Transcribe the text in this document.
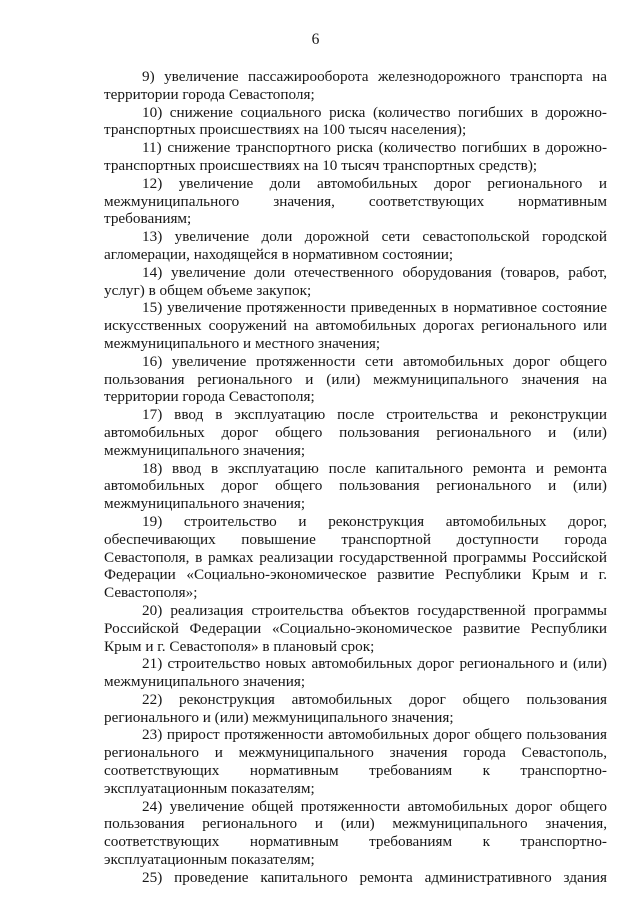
6

9) увеличение пассажирооборота железнодорожного транспорта на территории города Севастополя;

10) снижение социального риска (количество погибших в дорожно-транспортных происшествиях на 100 тысяч населения);

11) снижение транспортного риска (количество погибших в дорожно-транспортных происшествиях на 10 тысяч транспортных средств);

12) увеличение доли автомобильных дорог регионального и межмуниципального значения, соответствующих нормативным требованиям;

13) увеличение доли дорожной сети севастопольской городской агломерации, находящейся в нормативном состоянии;

14) увеличение доли отечественного оборудования (товаров, работ, услуг) в общем объеме закупок;

15) увеличение протяженности приведенных в нормативное состояние искусственных сооружений на автомобильных дорогах регионального или межмуниципального и местного значения;

16) увеличение протяженности сети автомобильных дорог общего пользования регионального и (или) межмуниципального значения на территории города Севастополя;

17) ввод в эксплуатацию после строительства и реконструкции автомобильных дорог общего пользования регионального и (или) межмуниципального значения;

18) ввод в эксплуатацию после капитального ремонта и ремонта автомобильных дорог общего пользования регионального и (или) межмуниципального значения;

19) строительство и реконструкция автомобильных дорог, обеспечивающих повышение транспортной доступности города Севастополя, в рамках реализации государственной программы Российской Федерации «Социально-экономическое развитие Республики Крым и г. Севастополя»;

20) реализация строительства объектов государственной программы Российской Федерации «Социально-экономическое развитие Республики Крым и г. Севастополя» в плановый срок;

21) строительство новых автомобильных дорог регионального и (или) межмуниципального значения;

22) реконструкция автомобильных дорог общего пользования регионального и (или) межмуниципального значения;

23) прирост протяженности автомобильных дорог общего пользования регионального и межмуниципального значения города Севастополь, соответствующих нормативным требованиям к транспортно-эксплуатационным показателям;

24) увеличение общей протяженности автомобильных дорог общего пользования регионального и (или) межмуниципального значения, соответствующих нормативным требованиям к транспортно-эксплуатационным показателям;

25) проведение капитального ремонта административного здания
